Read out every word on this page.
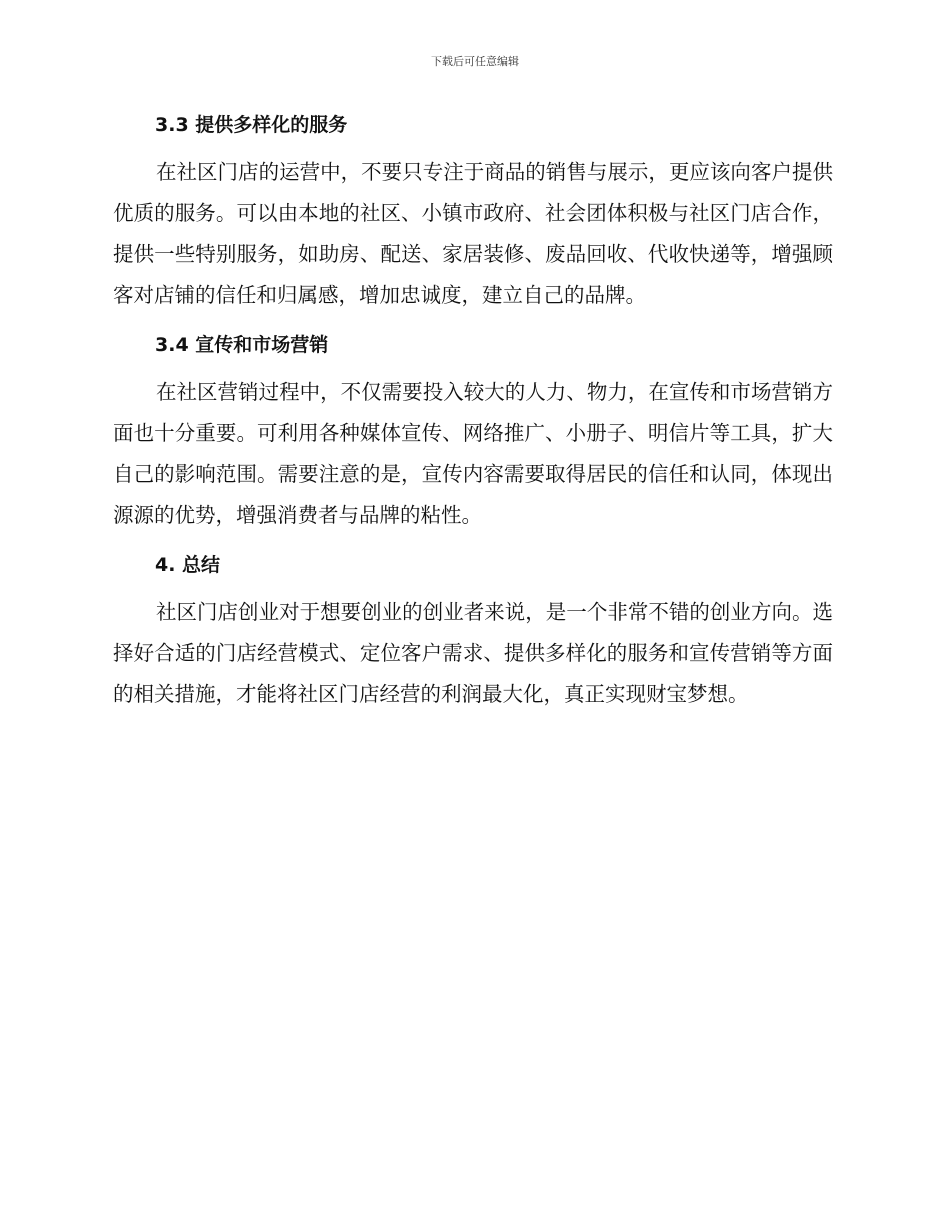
下载后可任意编辑
3.3 提供多样化的服务

在社区门店的运营中，不要只专注于商品的销售与展示，更应该向客户提供优质的服务。可以由本地的社区、小镇市政府、社会团体积极与社区门店合作，提供一些特别服务，如助房、配送、家居装修、废品回收、代收快递等，增强顾客对店铺的信任和归属感，增加忠诚度，建立自己的品牌。

3.4 宣传和市场营销

在社区营销过程中，不仅需要投入较大的人力、物力，在宣传和市场营销方面也十分重要。可利用各种媒体宣传、网络推广、小册子、明信片等工具，扩大自己的影响范围。需要注意的是，宣传内容需要取得居民的信任和认同，体现出源源的优势，增强消费者与品牌的粘性。

4. 总结

社区门店创业对于想要创业的创业者来说，是一个非常不错的创业方向。选择好合适的门店经营模式、定位客户需求、提供多样化的服务和宣传营销等方面的相关措施，才能将社区门店经营的利润最大化，真正实现财宝梦想。
